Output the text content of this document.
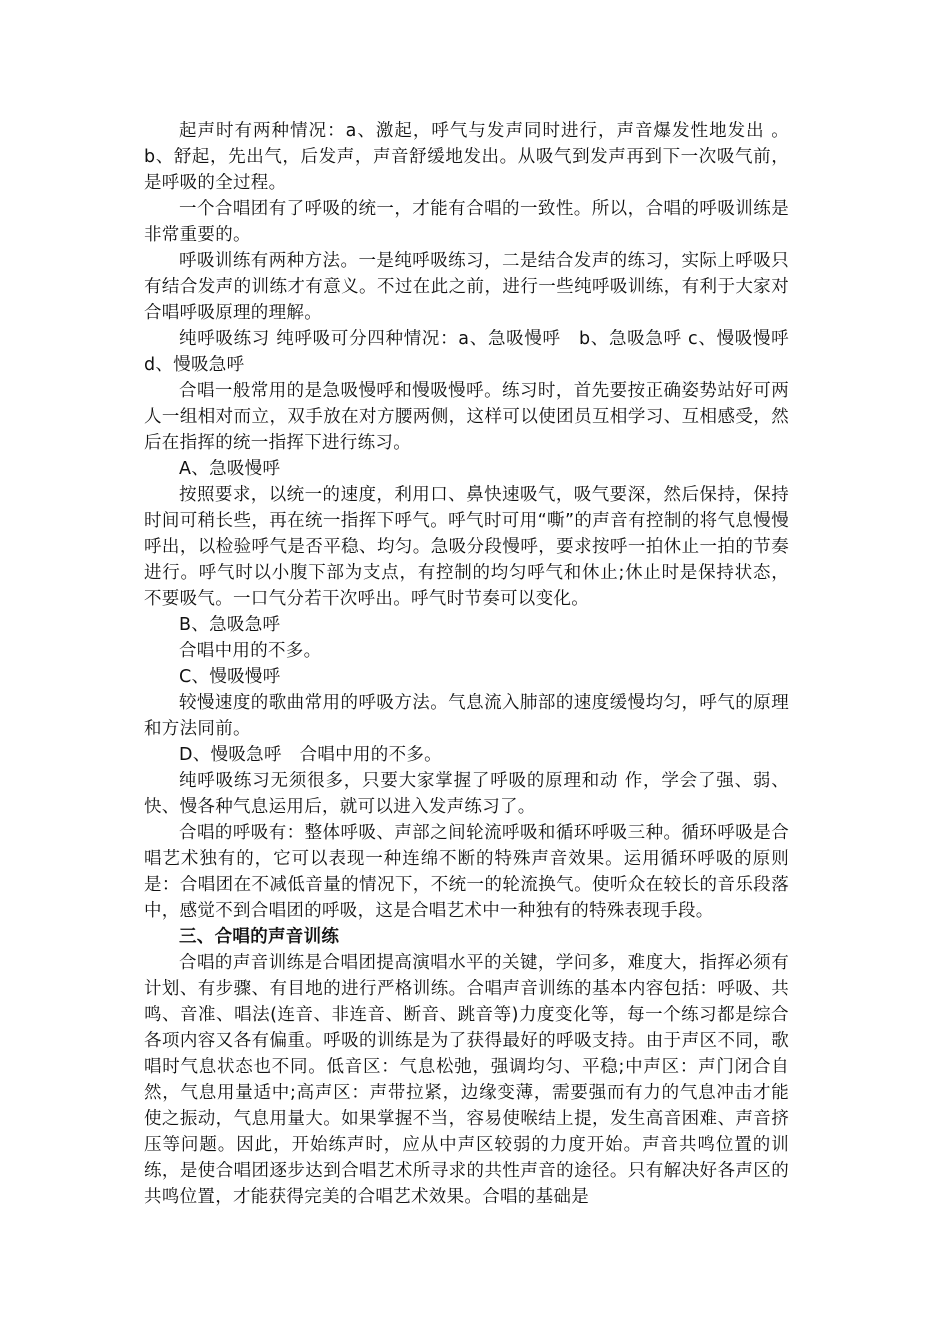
起声时有两种情况：a、激起，呼气与发声同时进行，声音爆发性地发出 。b、舒起，先出气，后发声，声音舒缓地发出。从吸气到发声再到下一次吸气前，是呼吸的全过程。

一个合唱团有了呼吸的统一，才能有合唱的一致性。所以，合唱的呼吸训练是非常重要的。

呼吸训练有两种方法。一是纯呼吸练习，二是结合发声的练习，实际上呼吸只有结合发声的训练才有意义。不过在此之前，进行一些纯呼吸训练，有利于大家对合唱呼吸原理的理解。

纯呼吸练习 纯呼吸可分四种情况：a、急吸慢呼　b、急吸急呼 c、慢吸慢呼 d、慢吸急呼

合唱一般常用的是急吸慢呼和慢吸慢呼。练习时，首先要按正确姿势站好可两人一组相对而立，双手放在对方腰两侧，这样可以使团员互相学习、互相感受，然后在指挥的统一指挥下进行练习。

A、急吸慢呼

按照要求，以统一的速度，利用口、鼻快速吸气，吸气要深，然后保持，保持时间可稍长些，再在统一指挥下呼气。呼气时可用“嘶”的声音有控制的将气息慢慢呼出，以检验呼气是否平稳、均匀。急吸分段慢呼，要求按呼一拍休止一拍的节奏进行。呼气时以小腹下部为支点，有控制的均匀呼气和休止;休止时是保持状态，不要吸气。一口气分若干次呼出。呼气时节奏可以变化。

B、急吸急呼

合唱中用的不多。

C、慢吸慢呼

较慢速度的歌曲常用的呼吸方法。气息流入肺部的速度缓慢均匀，呼气的原理和方法同前。

D、慢吸急呼　合唱中用的不多。

纯呼吸练习无须很多，只要大家掌握了呼吸的原理和动 作，学会了强、弱、快、慢各种气息运用后，就可以进入发声练习了。

合唱的呼吸有：整体呼吸、声部之间轮流呼吸和循环呼吸三种。循环呼吸是合唱艺术独有的，它可以表现一种连绵不断的特殊声音效果。运用循环呼吸的原则是：合唱团在不减低音量的情况下，不统一的轮流换气。使听众在较长的音乐段落中，感觉不到合唱团的呼吸，这是合唱艺术中一种独有的特殊表现手段。

三、合唱的声音训练

合唱的声音训练是合唱团提高演唱水平的关键，学问多，难度大，指挥必须有计划、有步骤、有目地的进行严格训练。合唱声音训练的基本内容包括：呼吸、共鸣、音准、唱法(连音、非连音、断音、跳音等)力度变化等，每一个练习都是综合各项内容又各有偏重。呼吸的训练是为了获得最好的呼吸支持。由于声区不同，歌唱时气息状态也不同。低音区：气息松弛，强调均匀、平稳;中声区：声门闭合自然，气息用量适中;高声区：声带拉紧，边缘变薄，需要强而有力的气息冲击才能使之振动，气息用量大。如果掌握不当，容易使喉结上提，发生高音困难、声音挤压等问题。因此，开始练声时，应从中声区较弱的力度开始。声音共鸣位置的训练，是使合唱团逐步达到合唱艺术所寻求的共性声音的途径。只有解决好各声区的共鸣位置，才能获得完美的合唱艺术效果。合唱的基础是
